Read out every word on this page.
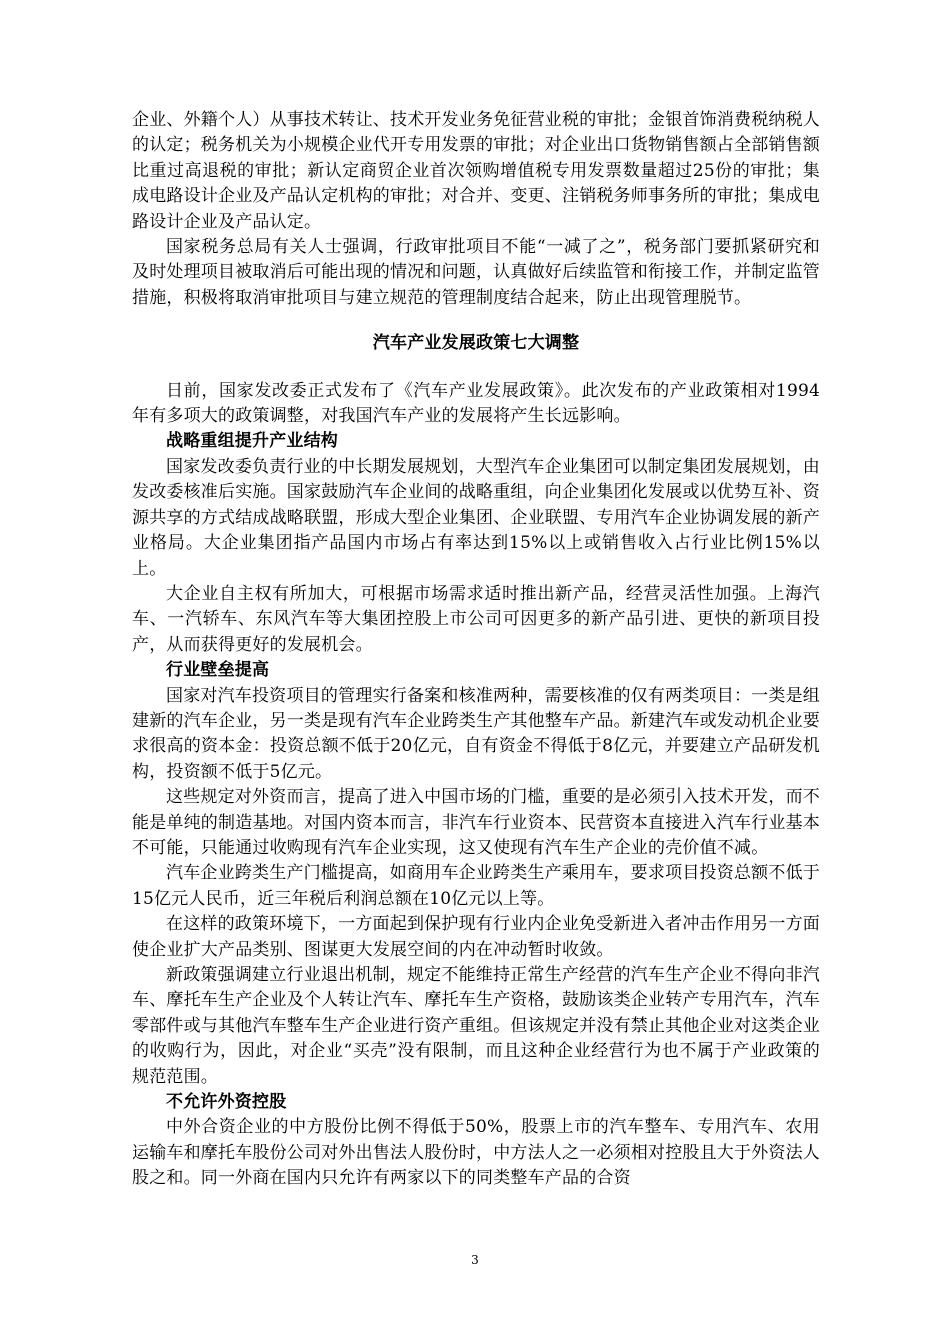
企业、外籍个人）从事技术转让、技术开发业务免征营业税的审批；金银首饰消费税纳税人的认定；税务机关为小规模企业代开专用发票的审批；对企业出口货物销售额占全部销售额比重过高退税的审批；新认定商贸企业首次领购增值税专用发票数量超过25份的审批；集成电路设计企业及产品认定机构的审批；对合并、变更、注销税务师事务所的审批；集成电路设计企业及产品认定。

国家税务总局有关人士强调，行政审批项目不能“一减了之”，税务部门要抓紧研究和及时处理项目被取消后可能出现的情况和问题，认真做好后续监管和衔接工作，并制定监管措施，积极将取消审批项目与建立规范的管理制度结合起来，防止出现管理脱节。

汽车产业发展政策七大调整

日前，国家发改委正式发布了《汽车产业发展政策》。此次发布的产业政策相对1994年有多项大的政策调整，对我国汽车产业的发展将产生长远影响。

战略重组提升产业结构

国家发改委负责行业的中长期发展规划，大型汽车企业集团可以制定集团发展规划，由发改委核准后实施。国家鼓励汽车企业间的战略重组，向企业集团化发展或以优势互补、资源共享的方式结成战略联盟，形成大型企业集团、企业联盟、专用汽车企业协调发展的新产业格局。大企业集团指产品国内市场占有率达到15%以上或销售收入占行业比例15%以上。

大企业自主权有所加大，可根据市场需求适时推出新产品，经营灵活性加强。上海汽车、一汽轿车、东风汽车等大集团控股上市公司可因更多的新产品引进、更快的新项目投产，从而获得更好的发展机会。

行业壁垒提高

国家对汽车投资项目的管理实行备案和核准两种，需要核准的仅有两类项目：一类是组建新的汽车企业，另一类是现有汽车企业跨类生产其他整车产品。新建汽车或发动机企业要求很高的资本金：投资总额不低于20亿元，自有资金不得低于8亿元，并要建立产品研发机构，投资额不低于5亿元。

这些规定对外资而言，提高了进入中国市场的门槛，重要的是必须引入技术开发，而不能是单纯的制造基地。对国内资本而言，非汽车行业资本、民营资本直接进入汽车行业基本不可能，只能通过收购现有汽车企业实现，这又使现有汽车生产企业的壳价值不减。

汽车企业跨类生产门槛提高，如商用车企业跨类生产乘用车，要求项目投资总额不低于15亿元人民币，近三年税后利润总额在10亿元以上等。

在这样的政策环境下，一方面起到保护现有行业内企业免受新进入者冲击作用另一方面使企业扩大产品类别、图谋更大发展空间的内在冲动暂时收敛。

新政策强调建立行业退出机制，规定不能维持正常生产经营的汽车生产企业不得向非汽车、摩托车生产企业及个人转让汽车、摩托车生产资格，鼓励该类企业转产专用汽车，汽车零部件或与其他汽车整车生产企业进行资产重组。但该规定并没有禁止其他企业对这类企业的收购行为，因此，对企业“买壳”没有限制，而且这种企业经营行为也不属于产业政策的规范范围。

不允许外资控股

中外合资企业的中方股份比例不得低于50%，股票上市的汽车整车、专用汽车、农用运输车和摩托车股份公司对外出售法人股份时，中方法人之一必须相对控股且大于外资法人股之和。同一外商在国内只允许有两家以下的同类整车产品的合资

3
